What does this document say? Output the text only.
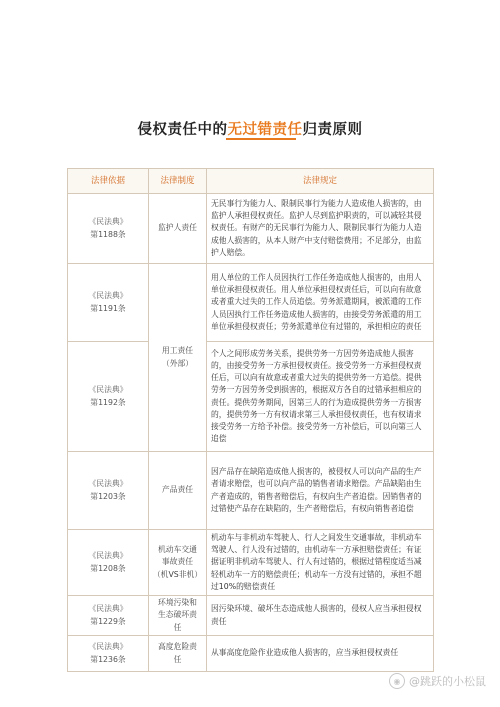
侵权责任中的无过错责任归责原则
法律依据	法律制度	法律规定

《民法典》
第1188条	监护人责任	无民事行为能力人、限制民事行为能力人造成他人损害的，由监护人承担侵权责任。监护人尽到监护职责的，可以减轻其侵权责任。有财产的无民事行为能力人、限制民事行为能力人造成他人损害的，从本人财产中支付赔偿费用；不足部分，由监护人赔偿。

《民法典》
第1191条	用工责任
（外部）	用人单位的工作人员因执行工作任务造成他人损害的，由用人单位承担侵权责任。用人单位承担侵权责任后，可以向有故意或者重大过失的工作人员追偿。劳务派遣期间，被派遣的工作人员因执行工作任务造成他人损害的，由接受劳务派遣的用工单位承担侵权责任；劳务派遣单位有过错的，承担相应的责任

《民法典》
第1192条		个人之间形成劳务关系，提供劳务一方因劳务造成他人损害的，由接受劳务一方承担侵权责任。接受劳务一方承担侵权责任后，可以向有故意或者重大过失的提供劳务一方追偿。提供劳务一方因劳务受到损害的，根据双方各自的过错承担相应的责任。提供劳务期间，因第三人的行为造成提供劳务一方损害的，提供劳务一方有权请求第三人承担侵权责任，也有权请求接受劳务一方给予补偿。接受劳务一方补偿后，可以向第三人追偿

《民法典》
第1203条	产品责任	因产品存在缺陷造成他人损害的，被侵权人可以向产品的生产者请求赔偿，也可以向产品的销售者请求赔偿。产品缺陷由生产者造成的，销售者赔偿后，有权向生产者追偿。因销售者的过错使产品存在缺陷的，生产者赔偿后，有权向销售者追偿

《民法典》
第1208条	机动车交通
事故责任
（机VS非机）	机动车与非机动车驾驶人、行人之间发生交通事故，非机动车驾驶人、行人没有过错的，由机动车一方承担赔偿责任；有证据证明非机动车驾驶人、行人有过错的，根据过错程度适当减轻机动车一方的赔偿责任；机动车一方没有过错的，承担不超过10%的赔偿责任

《民法典》
第1229条	环境污染和
生态破坏责
任	因污染环境、破坏生态造成他人损害的，侵权人应当承担侵权责任

《民法典》
第1236条	高度危险责
任	从事高度危险作业造成他人损害的，应当承担侵权责任
◉ @跳跃的小松鼠
